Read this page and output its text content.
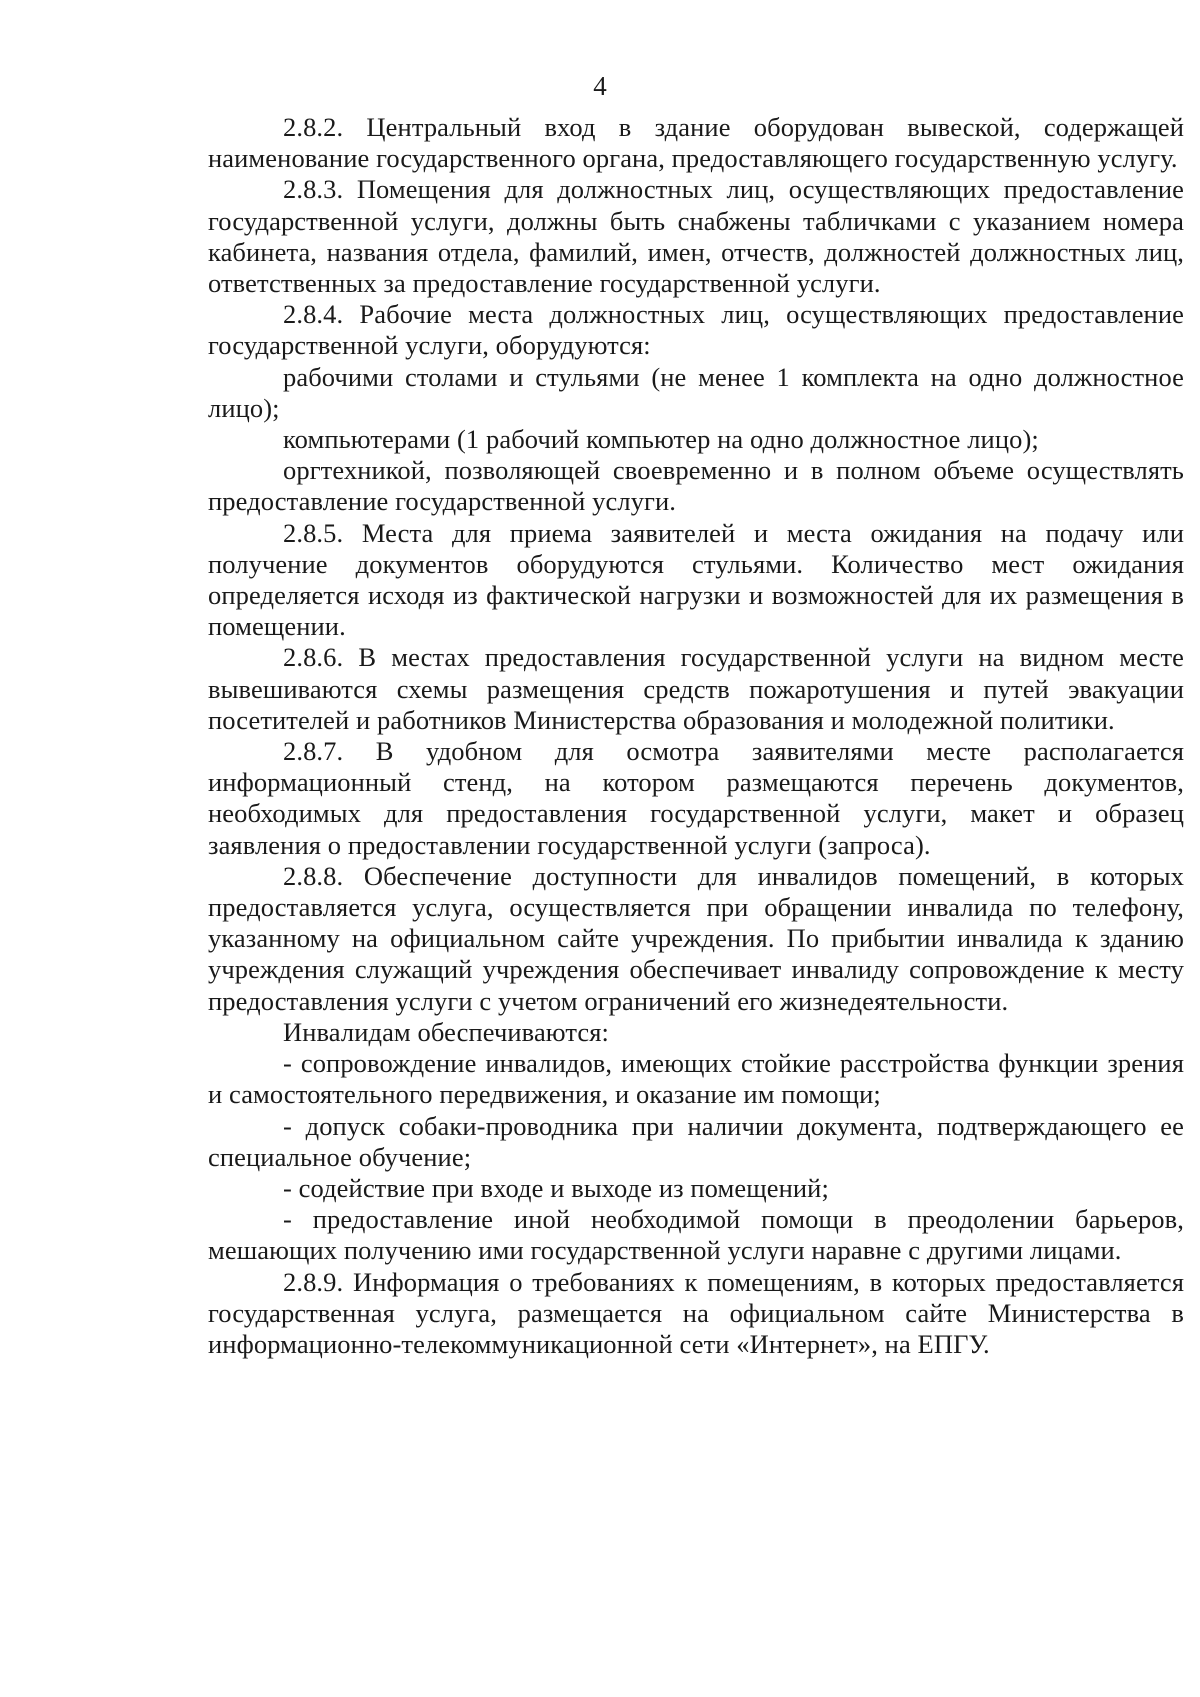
4

2.8.2. Центральный вход в здание оборудован вывеской, содержащей наименование государственного органа, предоставляющего государственную услугу.

2.8.3. Помещения для должностных лиц, осуществляющих предоставление государственной услуги, должны быть снабжены табличками с указанием номера кабинета, названия отдела, фамилий, имен, отчеств, должностей должностных лиц, ответственных за предоставление государственной услуги.

2.8.4. Рабочие места должностных лиц, осуществляющих предоставление государственной услуги, оборудуются:

рабочими столами и стульями (не менее 1 комплекта на одно должностное лицо);

компьютерами (1 рабочий компьютер на одно должностное лицо);

оргтехникой, позволяющей своевременно и в полном объеме осуществлять предоставление государственной услуги.

2.8.5. Места для приема заявителей и места ожидания на подачу или получение документов оборудуются стульями. Количество мест ожидания определяется исходя из фактической нагрузки и возможностей для их размещения в помещении.

2.8.6. В местах предоставления государственной услуги на видном месте вывешиваются схемы размещения средств пожаротушения и путей эвакуации посетителей и работников Министерства образования и молодежной политики.

2.8.7. В удобном для осмотра заявителями месте располагается информационный стенд, на котором размещаются перечень документов, необходимых для предоставления государственной услуги, макет и образец заявления о предоставлении государственной услуги (запроса).

2.8.8. Обеспечение доступности для инвалидов помещений, в которых предоставляется услуга, осуществляется при обращении инвалида по телефону, указанному на официальном сайте учреждения. По прибытии инвалида к зданию учреждения служащий учреждения обеспечивает инвалиду сопровождение к месту предоставления услуги с учетом ограничений его жизнедеятельности.

Инвалидам обеспечиваются:

- сопровождение инвалидов, имеющих стойкие расстройства функции зрения и самостоятельного передвижения, и оказание им помощи;

- допуск собаки-проводника при наличии документа, подтверждающего ее специальное обучение;

- содействие при входе и выходе из помещений;

- предоставление иной необходимой помощи в преодолении барьеров, мешающих получению ими государственной услуги наравне с другими лицами.

2.8.9. Информация о требованиях к помещениям, в которых предоставляется государственная услуга, размещается на официальном сайте Министерства в информационно-телекоммуникационной сети «Интернет», на ЕПГУ.
